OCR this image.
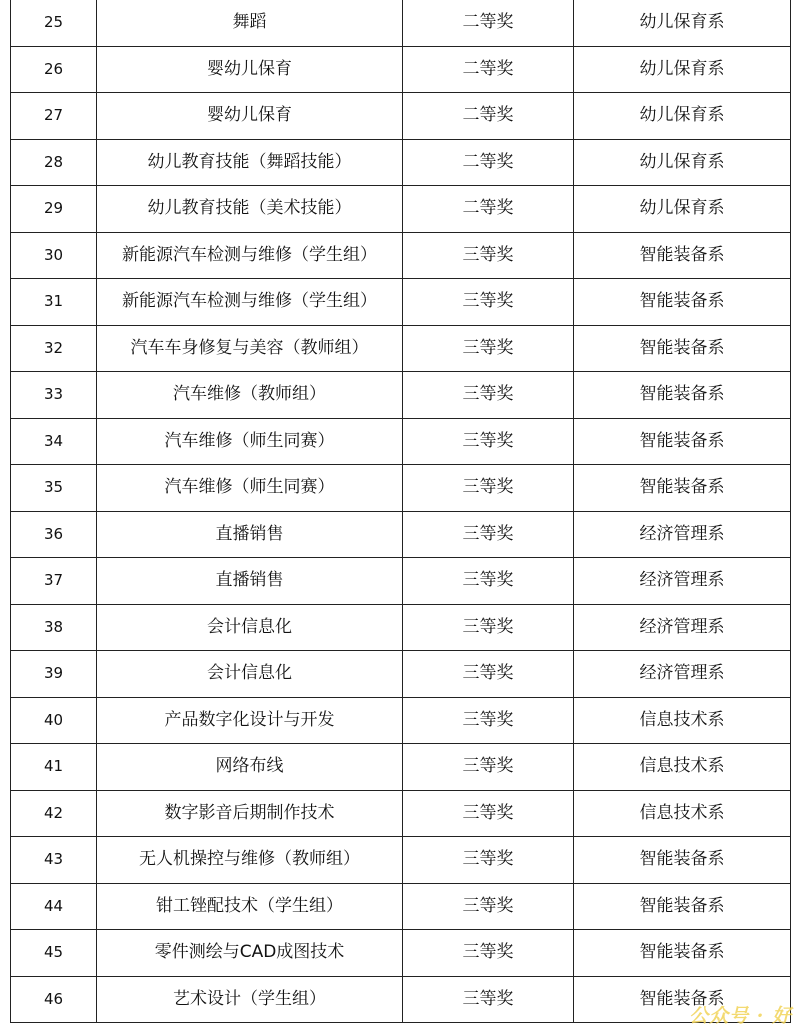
25	舞蹈	二等奖	幼儿保育系
26	婴幼儿保育	二等奖	幼儿保育系
27	婴幼儿保育	二等奖	幼儿保育系
28	幼儿教育技能（舞蹈技能）	二等奖	幼儿保育系
29	幼儿教育技能（美术技能）	二等奖	幼儿保育系
30	新能源汽车检测与维修（学生组）	三等奖	智能装备系
31	新能源汽车检测与维修（学生组）	三等奖	智能装备系
32	汽车车身修复与美容（教师组）	三等奖	智能装备系
33	汽车维修（教师组）	三等奖	智能装备系
34	汽车维修（师生同赛）	三等奖	智能装备系
35	汽车维修（师生同赛）	三等奖	智能装备系
36	直播销售	三等奖	经济管理系
37	直播销售	三等奖	经济管理系
38	会计信息化	三等奖	经济管理系
39	会计信息化	三等奖	经济管理系
40	产品数字化设计与开发	三等奖	信息技术系
41	网络布线	三等奖	信息技术系
42	数字影音后期制作技术	三等奖	信息技术系
43	无人机操控与维修（教师组）	三等奖	智能装备系
44	钳工锉配技术（学生组）	三等奖	智能装备系
45	零件测绘与CAD成图技术	三等奖	智能装备系
46	艺术设计（学生组）	三等奖	智能装备系
公众号 · 好
